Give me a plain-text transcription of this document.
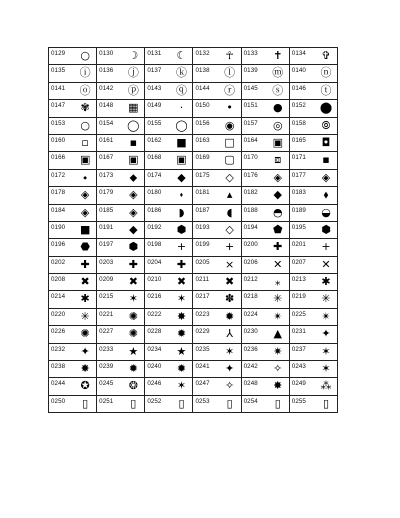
0129 ○	0130 ☽	0131 ☾	0132 ☥	0133 ✝	0134 ✞

0135 ⓘ	0136 ⓙ	0137 ⓚ	0138 ⓛ	0139 ⓜ	0140 ⓝ

0141 ⓞ	0142 ⓟ	0143 ⓠ	0144 ⓡ	0145 ⓢ	0146 ⓣ

0147 ✾	0148 ▦	0149 ·	0150 •	0151 ●	0152 ⬤

0153 ○	0154 ◯	0155 ◯	0156 ◉	0157 ◎	0158 ⦾

0160 ▫	0161 ▪	0162 ■	0163 □	0164 ▣	0165 ◘

0166 ▣	0167 ▣	0168 ▣	0169 ▢	0170 ⧈	0171 ▪

0172 ⬩	0173 ⬥	0174 ◆	0175 ◇	0176 ◈	0177 ◈

0178 ◈	0179 ◈	0180 ⬪	0181 ▴	0182 ◆	0183 ⬧

0184 ◈	0185 ◈	0186 ◗	0187 ◖	0188 ◓	0189 ◒

0190 ■	0191 ◆	0192 ⬢	0193 ◇	0194 ⬟	0195 ⬢

0196 ⬣	0197 ⬢	0198 +	0199 +	0200 ✚	0201 +

0202 ✚	0203 ✚	0204 ✚	0205 ×	0206 ✕	0207 ✕

0208 ✖	0209 ✖	0210 ✖	0211 ✖	0212 ⁎	0213 ✱

0214 ✱	0215 ✶	0216 ✶	0217 ✽	0218 ✳	0219 ✳

0220 ✳	0221 ✺	0222 ✸	0223 ✹	0224 ✴	0225 ✴

0226 ✺	0227 ✺	0228 ✹	0229 ⅄	0230 ▲	0231 ✦

0232 ✦	0233 ★	0234 ★	0235 ✶	0236 ✷	0237 ✶

0238 ✸	0239 ✹	0240 ✹	0241 ✦	0242 ✧	0243 ✶

0244 ✪	0245 ❂	0246 ✶	0247 ✧	0248 ✸	0249 ⁂

0250 ▯	0251 ▯	0252 ▯	0253 ▯	0254 ▯	0255 ▯
